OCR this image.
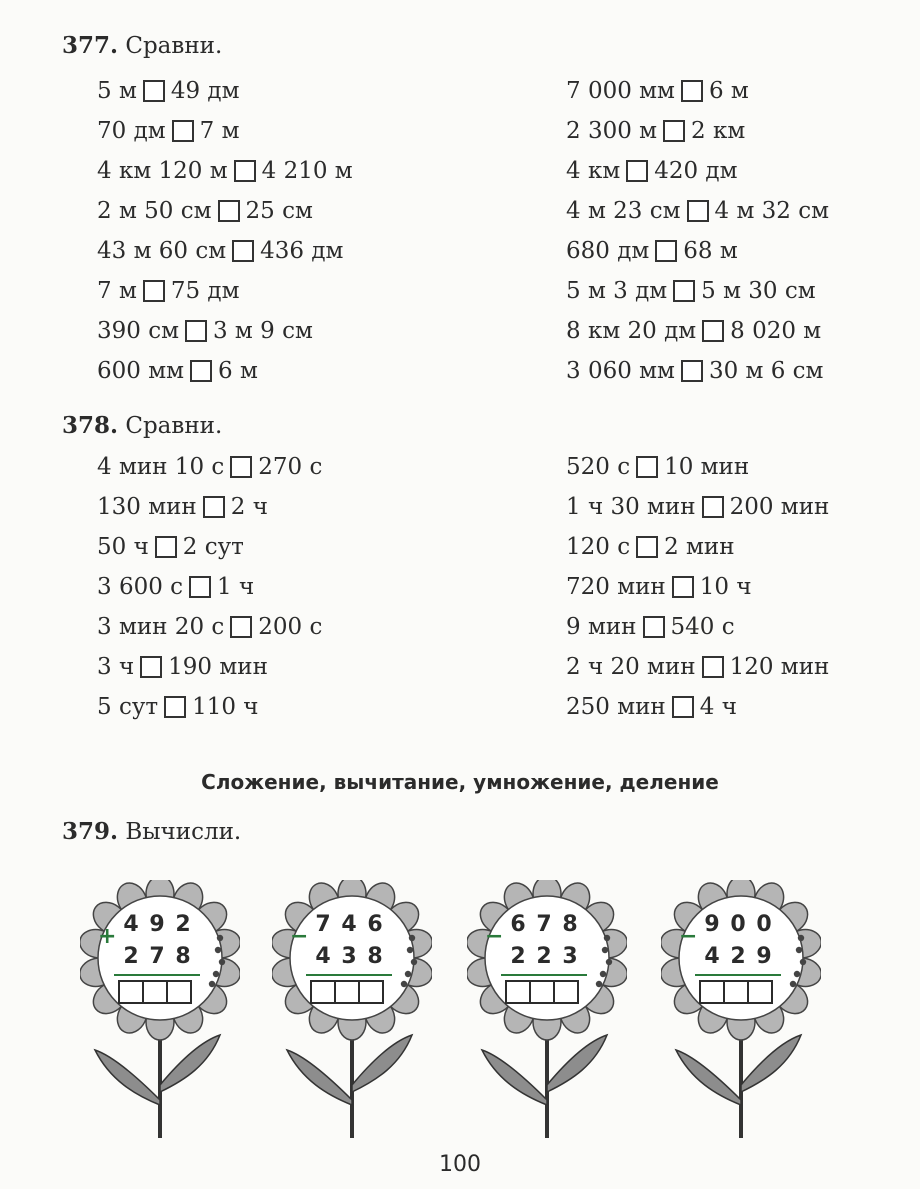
377. Сравни.
5 м 49 дм
70 дм 7 м
4 км 120 м 4 210 м
2 м 50 см 25 см
43 м 60 см 436 дм
7 м 75 дм
390 см 3 м 9 см
600 мм 6 м
7 000 мм 6 м
2 300 м 2 км
4 км 420 дм
4 м 23 см 4 м 32 см
680 дм 68 м
5 м 3 дм 5 м 30 см
8 км 20 дм 8 020 м
3 060 мм 30 м 6 см
378. Сравни.
4 мин 10 с 270 с
130 мин 2 ч
50 ч 2 сут
3 600 с 1 ч
3 мин 20 с 200 с
3 ч 190 мин
5 сут 110 ч
520 с 10 мин
1 ч 30 мин 200 мин
120 с 2 мин
720 мин 10 ч
9 мин 540 с
2 ч 20 мин 120 мин
250 мин 4 ч
Сложение, вычитание, умножение, деление
379. Вычисли.
+ 4 9 2
2 7 8
− 7 4 6
4 3 8
− 6 7 8
2 2 3
− 9 0 0
4 2 9
100
